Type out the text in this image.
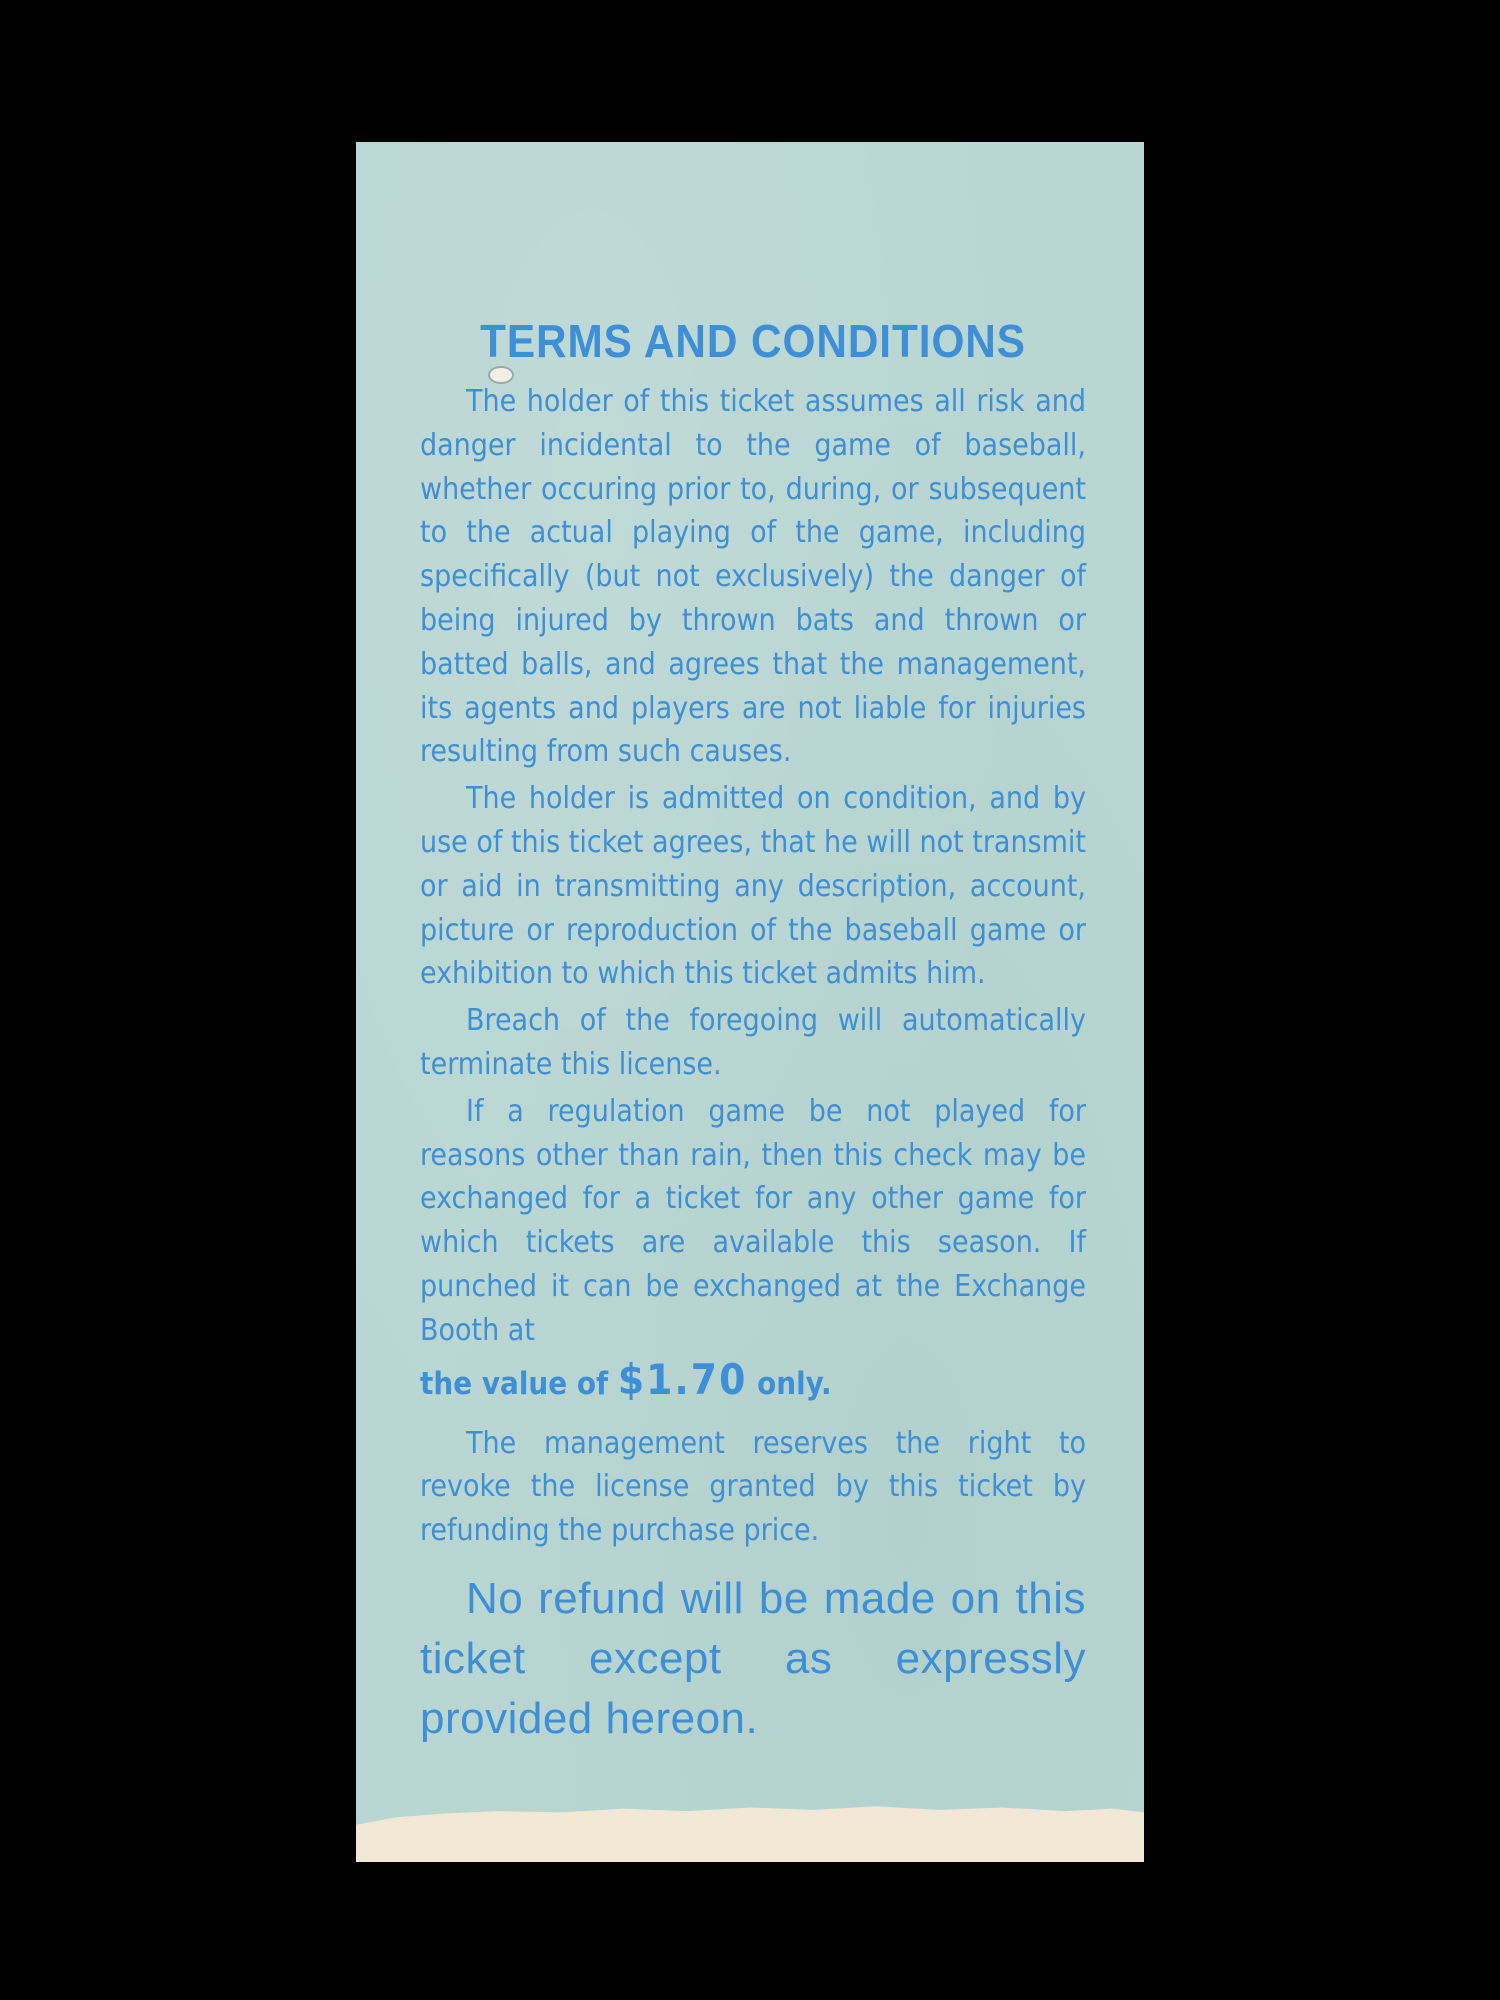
TERMS AND CONDITIONS

The holder of this ticket assumes all risk and danger incidental to the game of baseball, whether occuring prior to, during, or subsequent to the actual playing of the game, including specifically (but not exclusively) the danger of being injured by thrown bats and thrown or batted balls, and agrees that the management, its agents and players are not liable for injuries resulting from such causes.

The holder is admitted on condition, and by use of this ticket agrees, that he will not transmit or aid in transmitting any description, account, picture or reproduction of the baseball game or exhibition to which this ticket admits him.

Breach of the foregoing will automatically terminate this license.

If a regulation game be not played for reasons other than rain, then this check may be exchanged for a ticket for any other game for which tickets are available this season. If punched it can be exchanged at the Exchange Booth at

the value of $1.70 only.

The management reserves the right to revoke the license granted by this ticket by refunding the purchase price.

No refund will be made on this ticket except as expressly provided hereon.
